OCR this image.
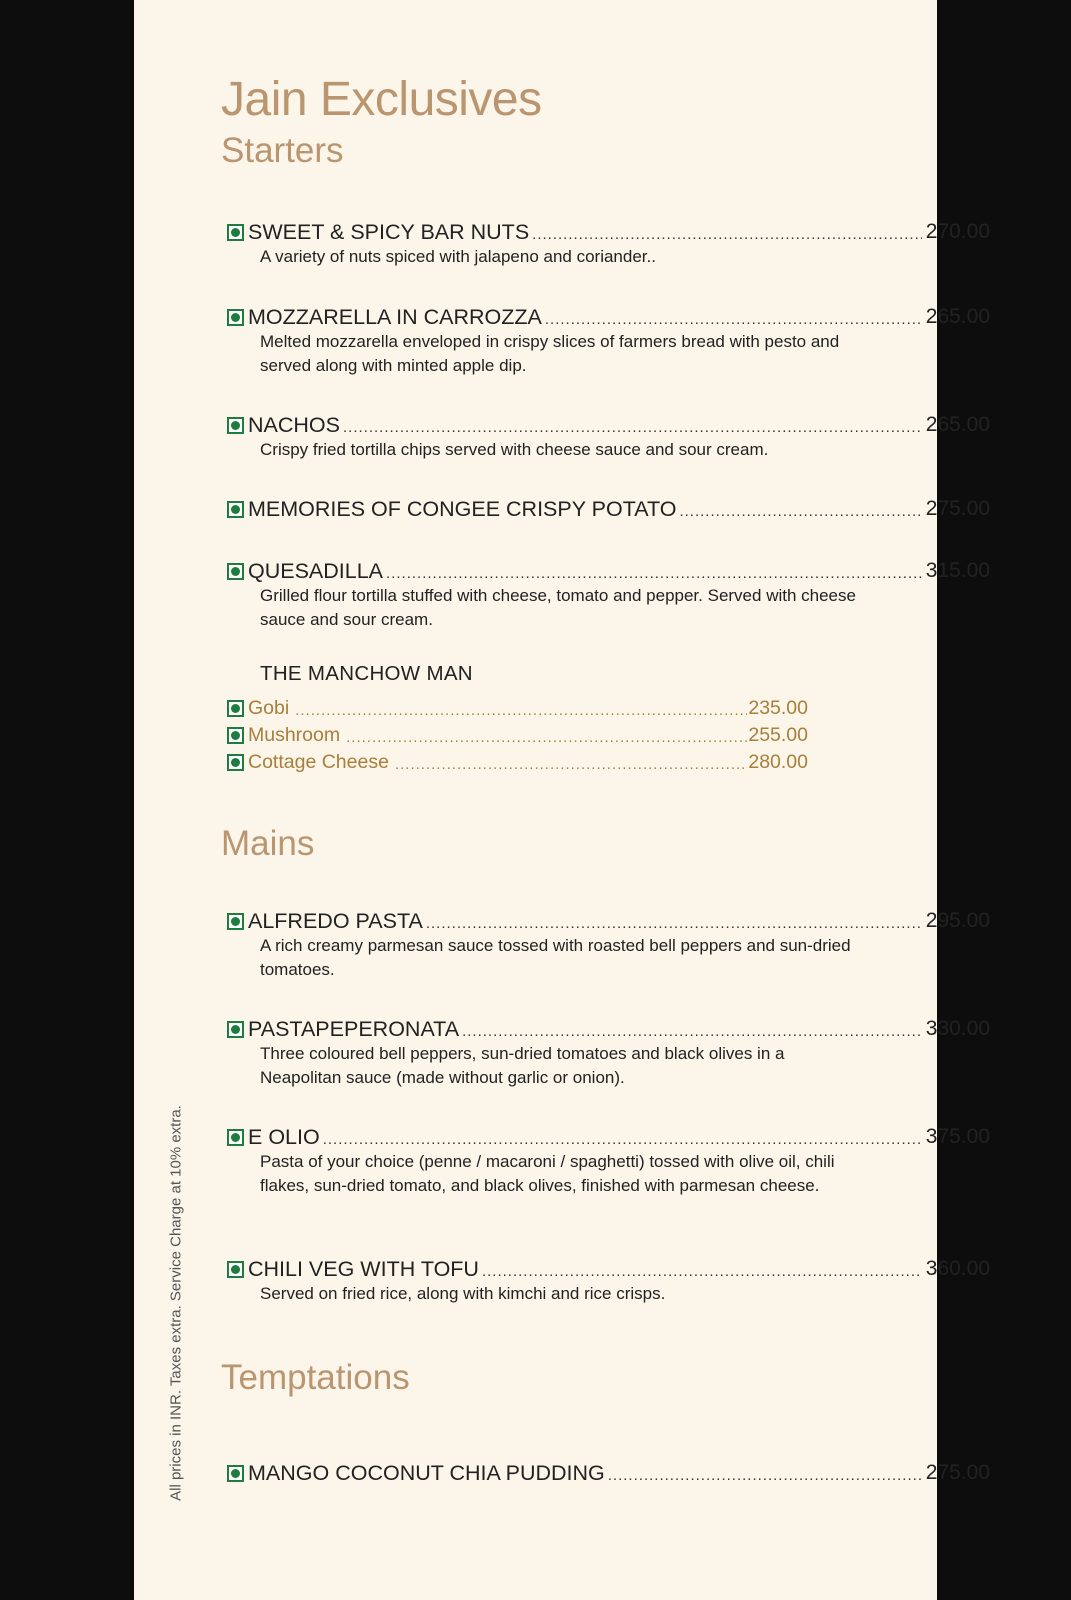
Jain Exclusives
Starters
SWEET & SPICY BAR NUTS .....	270.00
A variety of nuts spiced with jalapeno and coriander..
MOZZARELLA IN CARROZZA .....	265.00
Melted mozzarella enveloped in crispy slices of farmers bread with pesto and served along with minted apple dip.
NACHOS .....	265.00
Crispy fried tortilla chips served with cheese sauce and sour cream.
MEMORIES OF CONGEE CRISPY POTATO .....	275.00
QUESADILLA .....	315.00
Grilled flour tortilla stuffed with cheese, tomato and pepper. Served with cheese sauce and sour cream.
THE MANCHOW MAN
Gobi .....	235.00
Mushroom .....	255.00
Cottage Cheese .....	280.00
Mains
ALFREDO PASTA .....	295.00
A rich creamy parmesan sauce tossed with roasted bell peppers and sun-dried tomatoes.
PASTAPEPERONATA .....	330.00
Three coloured bell peppers, sun-dried tomatoes and black olives in a Neapolitan sauce (made without garlic or onion).
E OLIO .....	375.00
Pasta of your choice (penne / macaroni / spaghetti) tossed with olive oil, chili flakes, sun-dried tomato, and black olives, finished with parmesan cheese.
CHILI VEG WITH TOFU .....	360.00
Served on fried rice, along with kimchi and rice crisps.
Temptations
MANGO COCONUT CHIA PUDDING .....	275.00
All prices in INR. Taxes extra. Service Charge at 10% extra.
